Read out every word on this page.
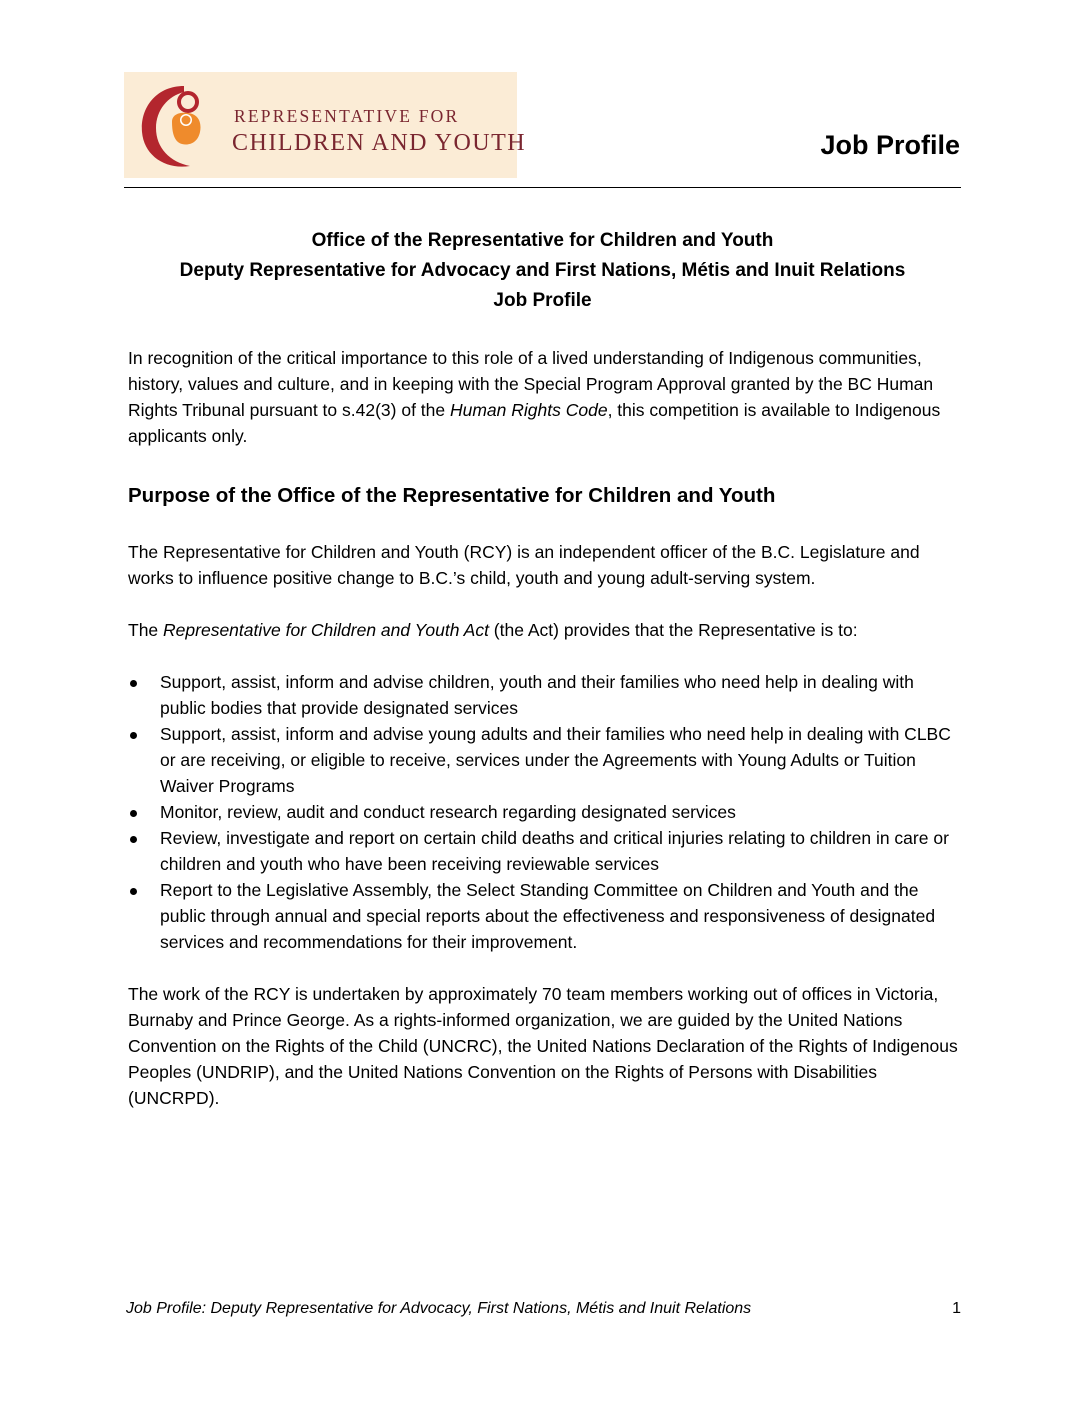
REPRESENTATIVE FOR
CHILDREN AND YOUTH	Job Profile
Office of the Representative for Children and Youth
Deputy Representative for Advocacy and First Nations, Métis and Inuit Relations
Job Profile

In recognition of the critical importance to this role of a lived understanding of Indigenous communities, history, values and culture, and in keeping with the Special Program Approval granted by the BC Human Rights Tribunal pursuant to s.42(3) of the Human Rights Code, this competition is available to Indigenous applicants only.

Purpose of the Office of the Representative for Children and Youth

The Representative for Children and Youth (RCY) is an independent officer of the B.C. Legislature and works to influence positive change to B.C.’s child, youth and young adult-serving system.

The Representative for Children and Youth Act (the Act) provides that the Representative is to:

Support, assist, inform and advise children, youth and their families who need help in dealing with public bodies that provide designated services
Support, assist, inform and advise young adults and their families who need help in dealing with CLBC or are receiving, or eligible to receive, services under the Agreements with Young Adults or Tuition Waiver Programs
Monitor, review, audit and conduct research regarding designated services
Review, investigate and report on certain child deaths and critical injuries relating to children in care or children and youth who have been receiving reviewable services
Report to the Legislative Assembly, the Select Standing Committee on Children and Youth and the public through annual and special reports about the effectiveness and responsiveness of designated services and recommendations for their improvement.

The work of the RCY is undertaken by approximately 70 team members working out of offices in Victoria, Burnaby and Prince George. As a rights-informed organization, we are guided by the United Nations Convention on the Rights of the Child (UNCRC), the United Nations Declaration of the Rights of Indigenous Peoples (UNDRIP), and the United Nations Convention on the Rights of Persons with Disabilities (UNCRPD).

Job Profile: Deputy Representative for Advocacy, First Nations, Métis and Inuit Relations	1
